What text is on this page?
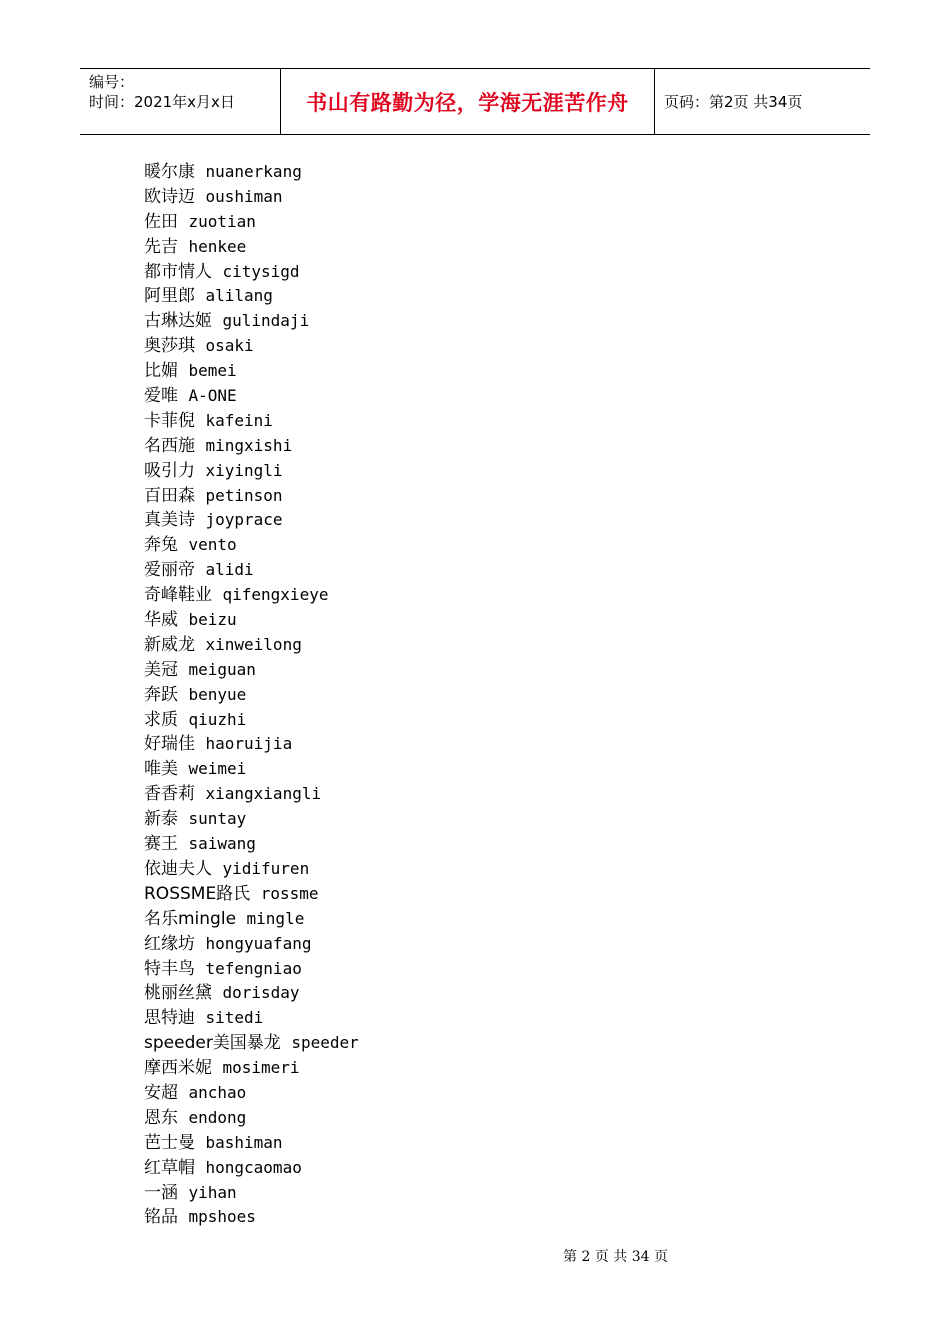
编号：
时间：2021年x月x日	书山有路勤为径，学海无涯苦作舟 页码：第2页 共34页
暖尔康 nuanerkang
欧诗迈 oushiman
佐田 zuotian
先吉 henkee
都市情人 citysigd
阿里郎 alilang
古琳达姬 gulindaji
奥莎琪 osaki
比媚 bemei
爱唯 A-ONE
卡菲倪 kafeini
名西施 mingxishi
吸引力 xiyingli
百田森 petinson
真美诗 joyprace
奔兔 vento
爱丽帝 alidi
奇峰鞋业 qifengxieye
华威 beizu
新威龙 xinweilong
美冠 meiguan
奔跃 benyue
求质 qiuzhi
好瑞佳 haoruijia
唯美 weimei
香香莉 xiangxiangli
新泰 suntay
赛王 saiwang
依迪夫人 yidifuren
ROSSME路氏 rossme
名乐mingle mingle
红缘坊 hongyuafang
特丰鸟 tefengniao
桃丽丝黛 dorisday
思特迪 sitedi
speeder美国暴龙 speeder
摩西米妮 mosimeri
安超 anchao
恩东 endong
芭士曼 bashiman
红草帽 hongcaomao
一涵 yihan
铭品 mpshoes
第 2 页 共 34 页
